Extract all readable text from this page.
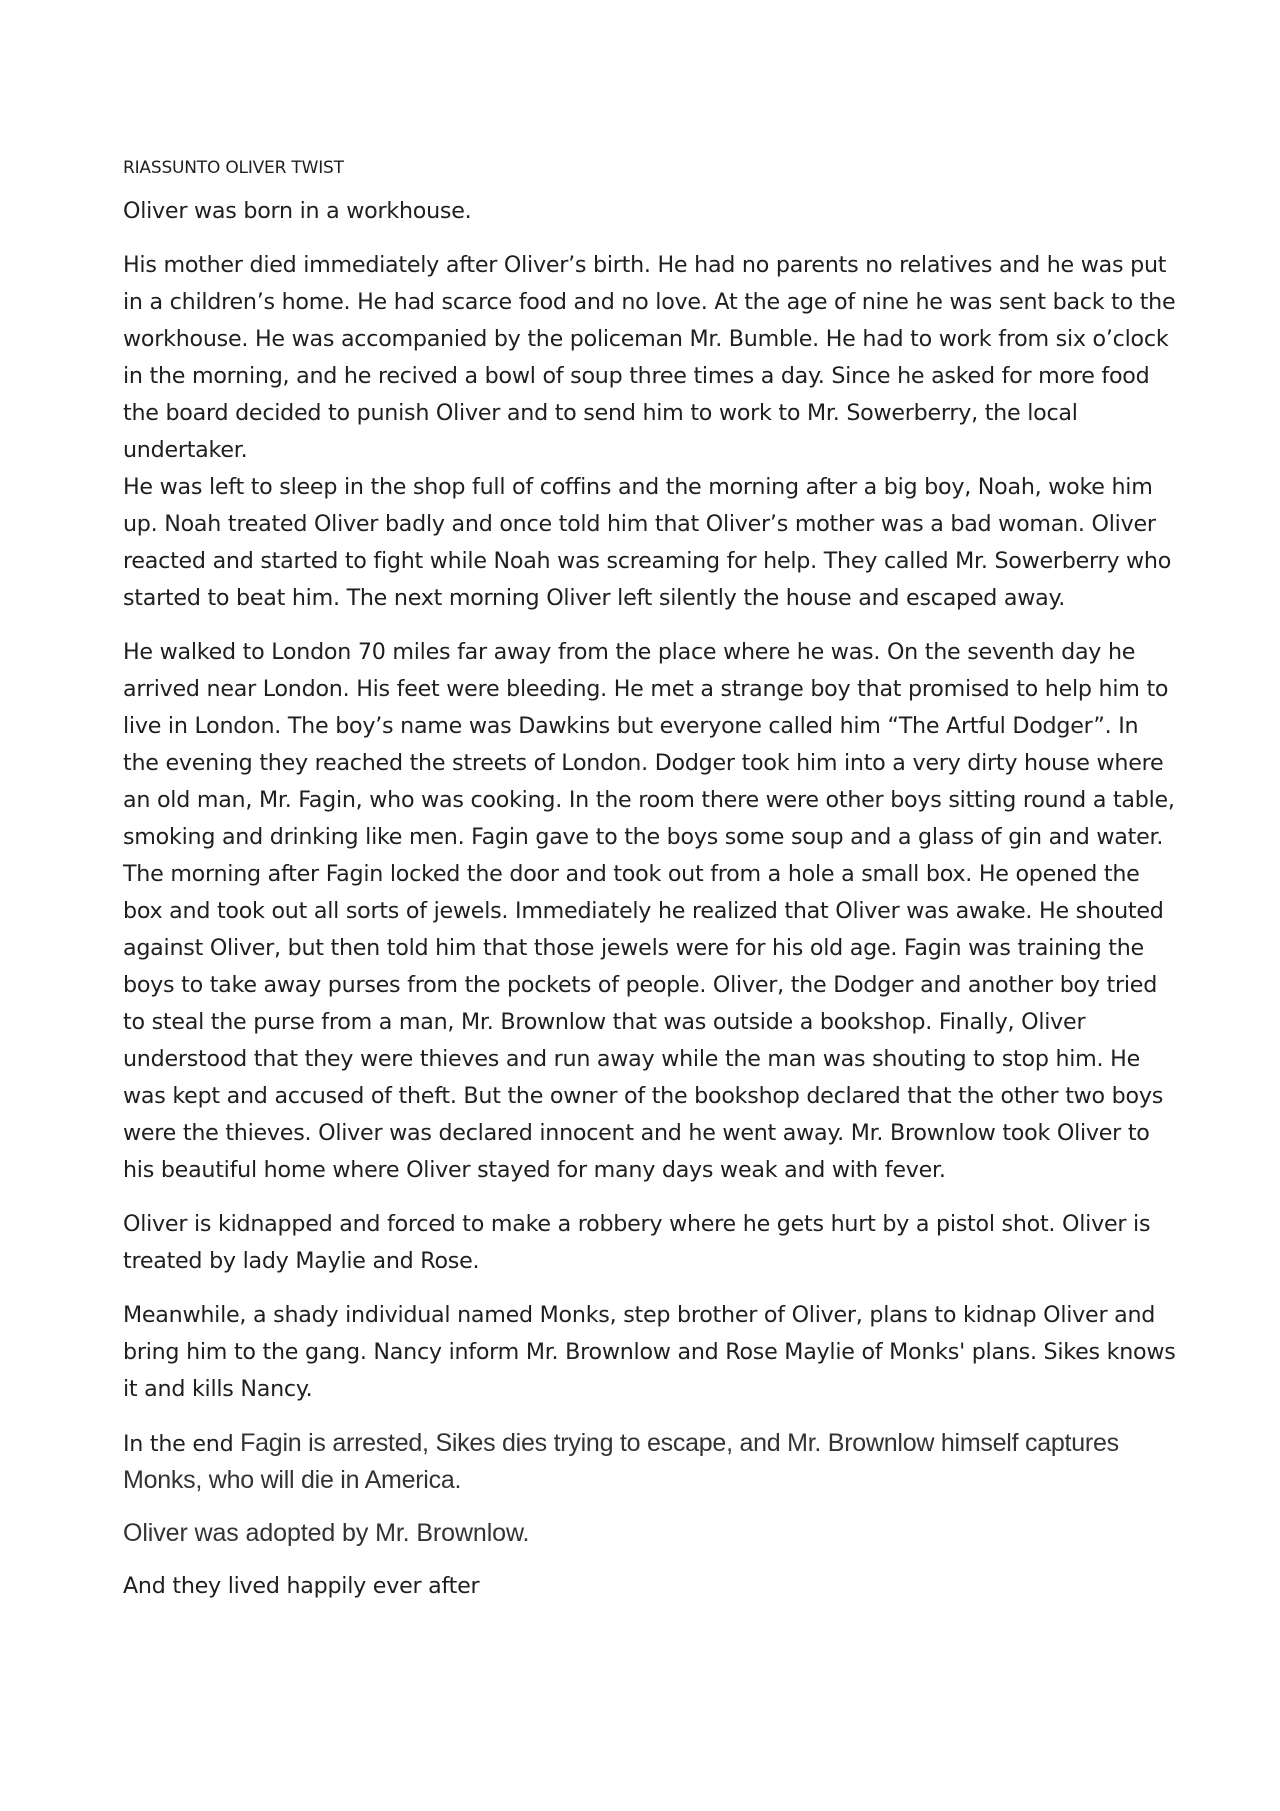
RIASSUNTO OLIVER TWIST

Oliver was born in a workhouse.

His mother died immediately after Oliver’s birth. He had no parents no relatives and he was put in a children’s home. He had scarce food and no love. At the age of nine he was sent back to the workhouse. He was accompanied by the policeman Mr. Bumble. He had to work from six o’clock in the morning, and he recived a bowl of soup three times a day. Since he asked for more food the board decided to punish Oliver and to send him to work to Mr. Sowerberry, the local undertaker.

He was left to sleep in the shop full of coffins and the morning after a big boy, Noah, woke him up. Noah treated Oliver badly and once told him that Oliver’s mother was a bad woman. Oliver reacted and started to fight while Noah was screaming for help. They called Mr. Sowerberry who started to beat him. The next morning Oliver left silently the house and escaped away.

He walked to London 70 miles far away from the place where he was. On the seventh day he arrived near London. His feet were bleeding. He met a strange boy that promised to help him to live in London. The boy’s name was Dawkins but everyone called him “The Artful Dodger”. In the evening they reached the streets of London. Dodger took him into a very dirty house where an old man, Mr. Fagin, who was cooking. In the room there were other boys sitting round a table, smoking and drinking like men. Fagin gave to the boys some soup and a glass of gin and water. The morning after Fagin locked the door and took out from a hole a small box. He opened the box and took out all sorts of jewels. Immediately he realized that Oliver was awake. He shouted against Oliver, but then told him that those jewels were for his old age. Fagin was training the boys to take away purses from the pockets of people. Oliver, the Dodger and another boy tried to steal the purse from a man, Mr. Brownlow that was outside a bookshop. Finally, Oliver understood that they were thieves and run away while the man was shouting to stop him. He was kept and accused of theft. But the owner of the bookshop declared that the other two boys were the thieves. Oliver was declared innocent and he went away. Mr. Brownlow took Oliver to his beautiful home where Oliver stayed for many days weak and with fever.

Oliver is kidnapped and forced to make a robbery where he gets hurt by a pistol shot. Oliver is treated by lady Maylie and Rose.

Meanwhile, a shady individual named Monks, step brother of Oliver, plans to kidnap Oliver and bring him to the gang. Nancy inform Mr. Brownlow and Rose Maylie of Monks' plans. Sikes knows it and kills Nancy.

In the end Fagin is arrested, Sikes dies trying to escape, and Mr. Brownlow himself captures Monks, who will die in America.

Oliver was adopted by Mr. Brownlow.

And they lived happily ever after
